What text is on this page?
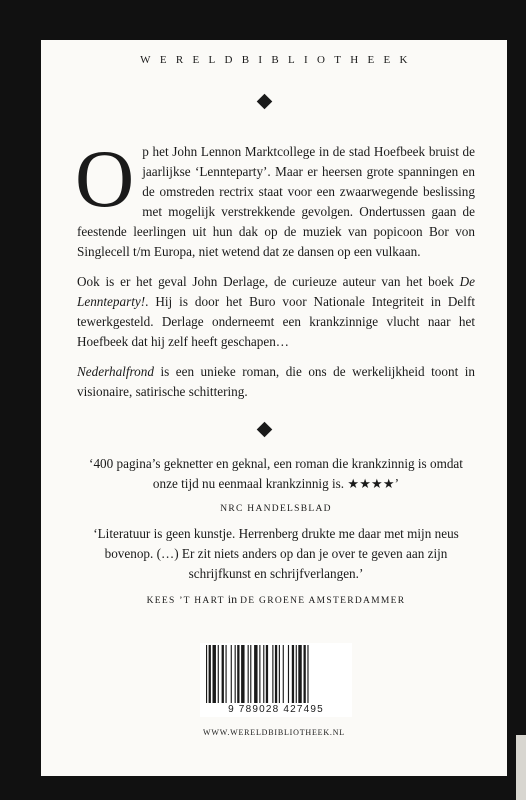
WERELDBIBLIOTHEEK

Op het John Lennon Marktcollege in de stad Hoefbeek bruist de jaarlijkse ‘Lennteparty’. Maar er heersen grote spanningen en de omstreden rectrix staat voor een zwaarwegende beslissing met mogelijk verstrekkende gevolgen. Ondertussen gaan de feestende leerlingen uit hun dak op de muziek van popicoon Bor von Singlecell t/m Europa, niet wetend dat ze dansen op een vulkaan.

Ook is er het geval John Derlage, de curieuze auteur van het boek De Lennteparty!. Hij is door het Buro voor Nationale Integriteit in Delft tewerkgesteld. Derlage onderneemt een krankzinnige vlucht naar het Hoefbeek dat hij zelf heeft geschapen…

Nederhalfrond is een unieke roman, die ons de werkelijkheid toont in visionaire, satirische schittering.

‘400 pagina’s geknetter en geknal, een roman die krankzinnig is omdat onze tijd nu eenmaal krankzinnig is. ★★★★’
NRC HANDELSBLAD
‘Literatuur is geen kunstje. Herrenberg drukte me daar met mijn neus bovenop. (…) Er zit niets anders op dan je over te geven aan zijn schrijfkunst en schrijfverlangen.’
KEES ’T HART in DE GROENE AMSTERDAMMER
9 789028 427495
WWW.WERELDBIBLIOTHEEK.NL
